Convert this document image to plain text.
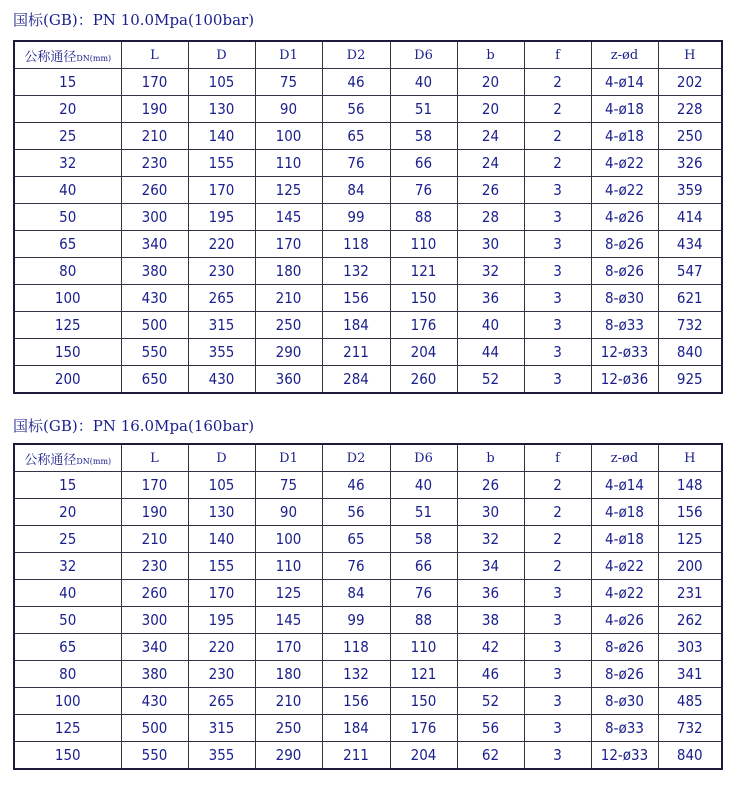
国标(GB)：PN 10.0Mpa(100bar)
公称通径DN(mm)	L	D	D1	D2	D6	b	f	z-ød	H
15	170	105	75	46	40	20	2	4-ø14	202
20	190	130	90	56	51	20	2	4-ø18	228
25	210	140	100	65	58	24	2	4-ø18	250
32	230	155	110	76	66	24	2	4-ø22	326
40	260	170	125	84	76	26	3	4-ø22	359
50	300	195	145	99	88	28	3	4-ø26	414
65	340	220	170	118	110	30	3	8-ø26	434
80	380	230	180	132	121	32	3	8-ø26	547
100	430	265	210	156	150	36	3	8-ø30	621
125	500	315	250	184	176	40	3	8-ø33	732
150	550	355	290	211	204	44	3	12-ø33	840
200	650	430	360	284	260	52	3	12-ø36	925
国标(GB)：PN 16.0Mpa(160bar)
公称通径DN(mm)	L	D	D1	D2	D6	b	f	z-ød	H
15	170	105	75	46	40	26	2	4-ø14	148
20	190	130	90	56	51	30	2	4-ø18	156
25	210	140	100	65	58	32	2	4-ø18	125
32	230	155	110	76	66	34	2	4-ø22	200
40	260	170	125	84	76	36	3	4-ø22	231
50	300	195	145	99	88	38	3	4-ø26	262
65	340	220	170	118	110	42	3	8-ø26	303
80	380	230	180	132	121	46	3	8-ø26	341
100	430	265	210	156	150	52	3	8-ø30	485
125	500	315	250	184	176	56	3	8-ø33	732
150	550	355	290	211	204	62	3	12-ø33	840
